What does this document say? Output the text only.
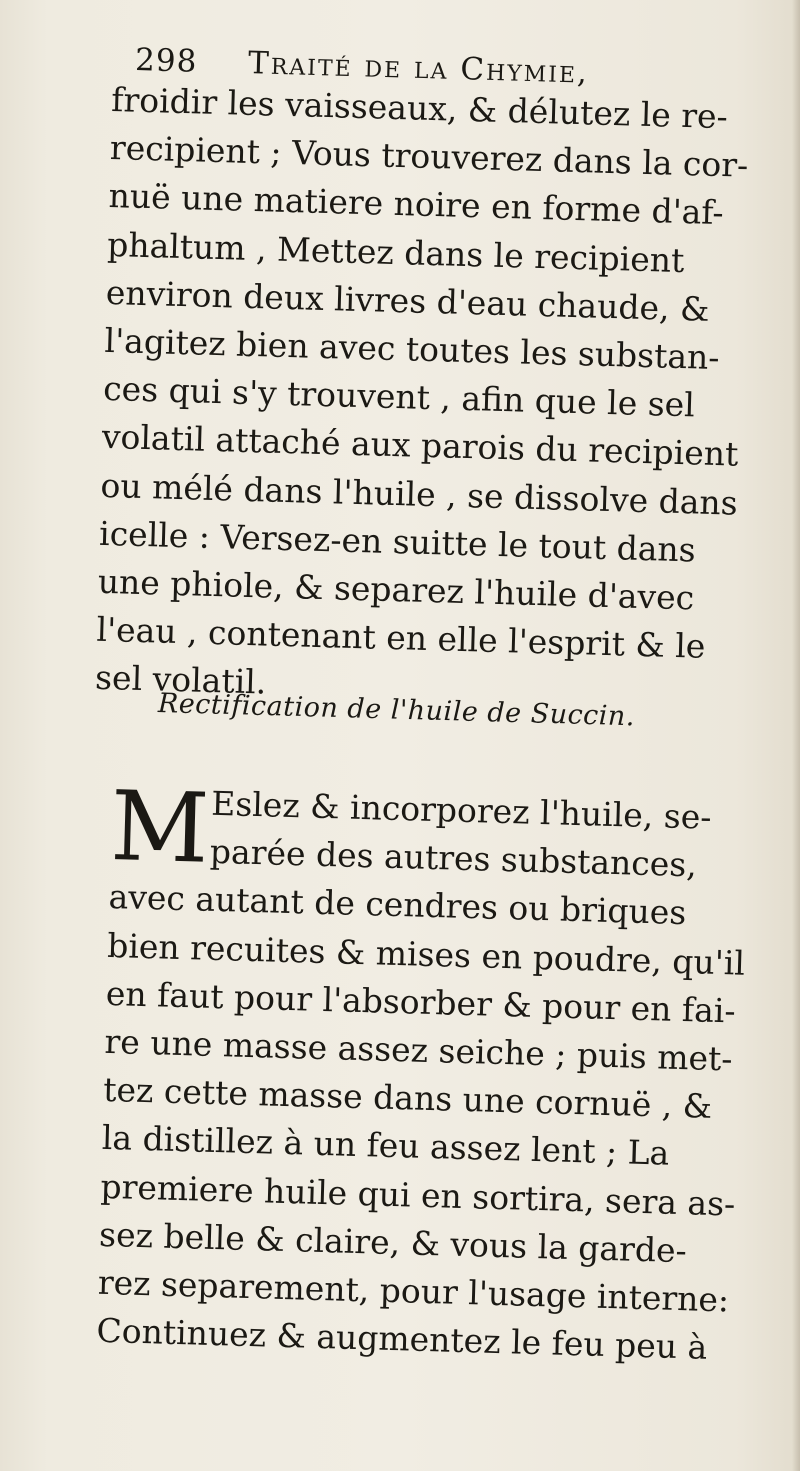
298 Traité de la Chymie,
froidir les vaisseaux, & délutez le re-
recipient ; Vous trouverez dans la cor-
nuë une matiere noire en forme d'af-
phaltum , Mettez dans le recipient
environ deux livres d'eau chaude, &
l'agitez bien avec toutes les substan-
ces qui s'y trouvent , afin que le sel
volatil attaché aux parois du recipient
ou mélé dans l'huile , se dissolve dans
icelle : Versez-en suitte le tout dans
une phiole, & separez l'huile d'avec
l'eau , contenant en elle l'esprit & le
sel volatil.
Rectification de l'huile de Succin.
M Eslez & incorporez l'huile, se-
parée des autres substances,
avec autant de cendres ou briques
bien recuites & mises en poudre, qu'il
en faut pour l'absorber & pour en fai-
re une masse assez seiche ; puis met-
tez cette masse dans une cornuë , &
la distillez à un feu assez lent ; La
premiere huile qui en sortira, sera as-
sez belle & claire, & vous la garde-
rez separement, pour l'usage interne:
Continuez & augmentez le feu peu à
